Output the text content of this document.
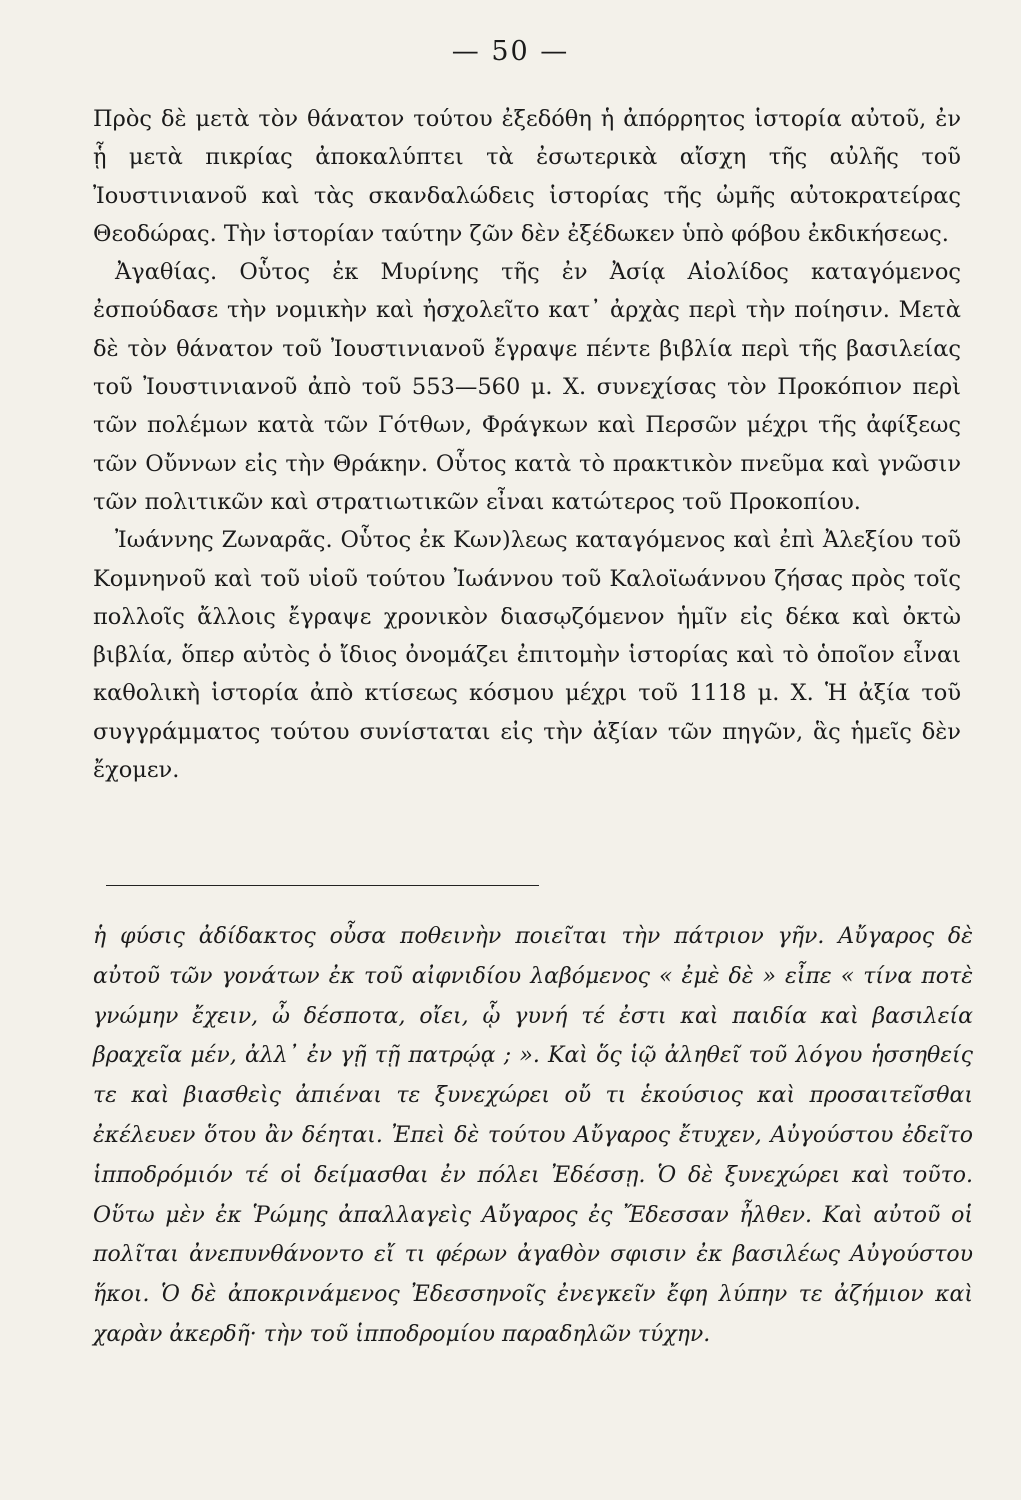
— 50 —

Πρὸς δὲ μετὰ τὸν θάνατον τούτου ἐξεδόθη ἡ ἀπόρρητος ἱστορία αὐτοῦ, ἐν ᾗ μετὰ πικρίας ἀποκαλύπτει τὰ ἐσωτερικὰ αἴσχη τῆς αὐλῆς τοῦ Ἰουστινιανοῦ καὶ τὰς σκανδαλώδεις ἱστορίας τῆς ὠμῆς αὐτοκρατείρας Θεοδώρας. Τὴν ἱστορίαν ταύτην ζῶν δὲν ἐξέδωκεν ὑπὸ φόβου ἐκδικήσεως.

Ἀγαθίας. Οὗτος ἐκ Μυρίνης τῆς ἐν Ἀσίᾳ Αἰολίδος καταγόμενος ἐσπούδασε τὴν νομικὴν καὶ ἠσχολεῖτο κατ᾽ ἀρχὰς περὶ τὴν ποίησιν. Μετὰ δὲ τὸν θάνατον τοῦ Ἰουστινιανοῦ ἔγραψε πέντε βιβλία περὶ τῆς βασιλείας τοῦ Ἰουστινιανοῦ ἀπὸ τοῦ 553—560 μ. Χ. συνεχίσας τὸν Προκόπιον περὶ τῶν πολέμων κατὰ τῶν Γότθων, Φράγκων καὶ Περσῶν μέχρι τῆς ἀφίξεως τῶν Οὔννων εἰς τὴν Θράκην. Οὗτος κατὰ τὸ πρακτικὸν πνεῦμα καὶ γνῶσιν τῶν πολιτικῶν καὶ στρατιωτικῶν εἶναι κατώτερος τοῦ Προκοπίου.

Ἰωάννης Ζωναρᾶς. Οὗτος ἐκ Κων)λεως καταγόμενος καὶ ἐπὶ Ἀλεξίου τοῦ Κομνηνοῦ καὶ τοῦ υἱοῦ τούτου Ἰωάννου τοῦ Καλοϊωάννου ζήσας πρὸς τοῖς πολλοῖς ἄλλοις ἔγραψε χρονικὸν διασῳζόμενον ἡμῖν εἰς δέκα καὶ ὀκτὼ βιβλία, ὅπερ αὐτὸς ὁ ἴδιος ὀνομάζει ἐπιτομὴν ἱστορίας καὶ τὸ ὁποῖον εἶναι καθολικὴ ἱστορία ἀπὸ κτίσεως κόσμου μέχρι τοῦ 1118 μ. Χ. Ἡ ἀξία τοῦ συγγράμματος τούτου συνίσταται εἰς τὴν ἀξίαν τῶν πηγῶν, ἃς ἡμεῖς δὲν ἔχομεν.

ἡ φύσις ἀδίδακτος οὖσα ποθεινὴν ποιεῖται τὴν πάτριον γῆν. Αὔγαρος δὲ αὐτοῦ τῶν γονάτων ἐκ τοῦ αἰφνιδίου λαβόμενος « ἐμὲ δὲ » εἶπε « τίνα ποτὲ γνώμην ἔχειν, ὦ δέσποτα, οἴει, ᾧ γυνή τέ ἐστι καὶ παιδία καὶ βασιλεία βραχεῖα μέν, ἀλλ᾽ ἐν γῇ τῇ πατρῴᾳ ; ». Καὶ ὅς ἱῷ ἀληθεῖ τοῦ λόγου ἡσσηθείς τε καὶ βιασθεὶς ἀπιέναι τε ξυνεχώρει οὔ τι ἑκούσιος καὶ προσαιτεῖσθαι ἐκέλευεν ὅτου ἂν δέηται. Ἐπεὶ δὲ τούτου Αὔγαρος ἔτυχεν, Αὐγούστου ἐδεῖτο ἱπποδρόμιόν τέ οἱ δείμασθαι ἐν πόλει Ἐδέσσῃ. Ὁ δὲ ξυνεχώρει καὶ τοῦτο. Οὕτω μὲν ἐκ Ῥώμης ἀπαλλαγεὶς Αὔγαρος ἐς Ἔδεσσαν ἦλθεν. Καὶ αὐτοῦ οἱ πολῖται ἀνεπυνθάνοντο εἴ τι φέρων ἀγαθὸν σφισιν ἐκ βασιλέως Αὐγούστου ἥκοι. Ὁ δὲ ἀποκρινάμενος Ἐδεσσηνοῖς ἐνεγκεῖν ἔφη λύπην τε ἀζήμιον καὶ χαρὰν ἀκερδῆ· τὴν τοῦ ἱπποδρομίου παραδηλῶν τύχην.
